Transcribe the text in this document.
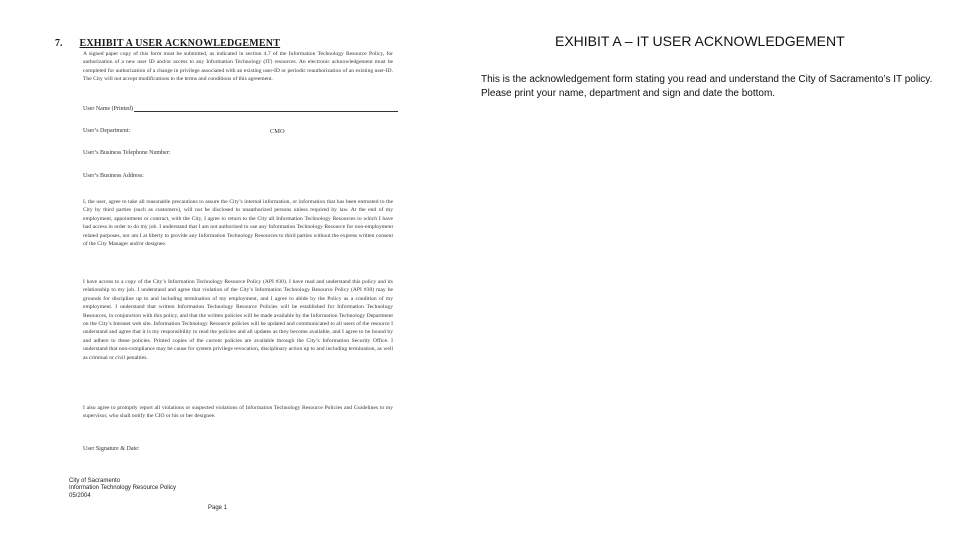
7. EXHIBIT A USER ACKNOWLEDGEMENT
A signed paper copy of this form must be submitted, as indicated in section 4.7 of the Information Technology Resource Policy, for authorization of a new user ID and/or access to any Information Technology (IT) resources. An electronic acknowledgement must be completed for authorization of a change in privilege associated with an existing user-ID or periodic reauthorization of an existing user-ID. The City will not accept modifications to the terms and conditions of this agreement.
User Name (Printed)
User’s Department:	CMO
User’s Business Telephone Number:
User’s Business Address:
I, the user, agree to take all reasonable precautions to assure the City’s internal information, or information that has been entrusted to the City by third parties (such as customers), will not be disclosed to unauthorized persons unless required by law. At the end of my employment, appointment or contract, with the City, I agree to return to the City all Information Technology Resources to which I have had access in order to do my job. I understand that I am not authorized to use any Information Technology Resource for non-employment related purposes, nor am I at liberty to provide any Information Technology Resources to third parties without the express written consent of the City Manager and/or designee.
I have access to a copy of the City’s Information Technology Resource Policy (API #30). I have read and understand this policy and its relationship to my job. I understand and agree that violation of the City’s Information Technology Resource Policy (API #30) may be grounds for discipline up to and including termination of my employment, and I agree to abide by the Policy as a condition of my employment. I understand that written Information Technology Resource Policies will be established for Information Technology Resources, in conjunction with this policy, and that the written policies will be made available by the Information Technology Department on the City’s Intranet web site. Information Technology Resource policies will be updated and communicated to all users of the resource I understand and agree that it is my responsibility to read the policies and all updates as they become available, and I agree to be bound by and adhere to these policies. Printed copies of the current policies are available through the City’s Information Security Office. I understand that non-compliance may be cause for system privilege revocation, disciplinary action up to and including termination, as well as criminal or civil penalties.
I also agree to promptly report all violations or suspected violations of Information Technology Resource Policies and Guidelines to my supervisor, who shall notify the CIO or his or her designee.
User Signature & Date:
City of Sacramento
Information Technology Resource Policy
05/2004
Page 1
EXHIBIT A – IT USER ACKNOWLEDGEMENT
This is the acknowledgement form stating you read and understand the City of Sacramento’s IT policy. Please print your name, department and sign and date the bottom.
